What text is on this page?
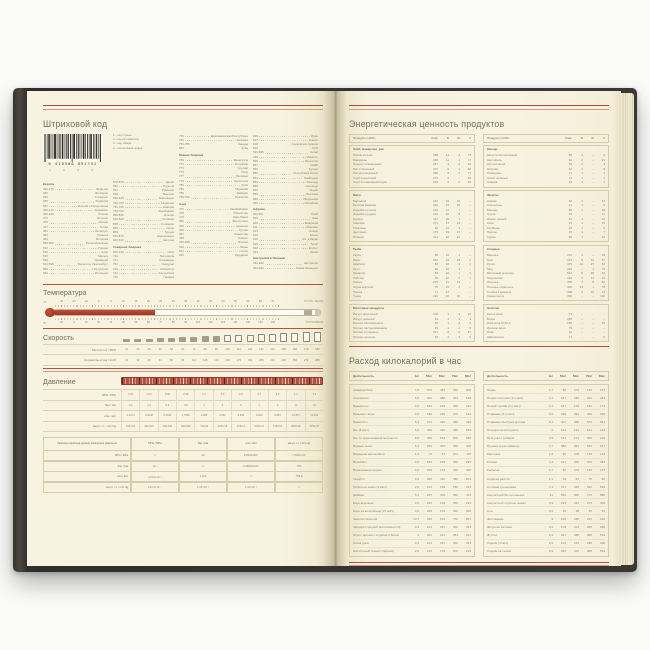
Штриховой код
6 410500 891752
1	2	3	4
Европа
300-379	Франция
380	Болгария
383	Словения
385	Хорватия
387	Босния и Герцеговина
400-440	Германия
460-469	Россия
474	Эстония
475	Латвия
477	Литва
481	Беларусь
482	Украина
484	Молдова
500-509	Великобритания
520	Греция
529	Кипр
535	Мальта
539	Ирландия
540-549	Бельгия и Люксембург
560	Португалия
569	Исландия
1 – код страны
2 – код изготовителя
3 – код товара
4 – контрольная цифра
570-579	Дания
590	Польша
594	Румыния
599	Венгрия
640-649	Финляндия
700-709	Норвегия
730-739	Швеция
760-769	Швейцария
800-839	Италия
840-849	Испания
858	Словакия
859	Чехия
869	Турция
870-879	Нидерланды
900-919	Австрия
Северная Америка
000-139	США
740	Гватемала
741	Сальвадор
742	Гондурас
743	Никарагуа
744	Коста-Рика
745	Панама
746	Доминиканская Республика
750	Мексика
754-755	Канада
850	Куба
Южная Америка
759	Венесуэла
770	Колумбия
773	Уругвай
775	Перу
777	Боливия
779	Аргентина
780	Чили
784	Парагвай
786	Эквадор
789-790	Бразилия
Азия
476	Азербайджан
478	Узбекистан
479	Шри-Ланка
480	Филиппины
485	Армения
486	Грузия
487	Казахстан
489	Гонконг
490-499	Япония
528	Ливан
621	Сирия
625	Иордания
626	Иран
627	Кувейт
628	Саудовская Аравия
629	ОАЭ
690-695	Китай
729	Израиль
865	Монголия
867	КНДР
869	Турция
880	Республика Корея
884	Камбоджа
885	Таиланд
888	Сингапур
890	Индия
893	Вьетнам
899	Индонезия
955	Малайзия
Африка
600-601	ЮАР
603	Гана
609	Маврикий
611	Марокко
613	Алжир
616	Кения
618	Кот-д'Ивуар
619	Тунис
622	Египет
624	Ливия
Австралия и Океания
930-939	Австралия
940-949	Новая Зеландия
Температура
°C	-30	-20	-10	0	5	10	15	20	25	30	35	40	45	50	55	60	65	70	t°C=(t°F−32)×5/9
°F	-22	-4	14	32	41	50	59	68	77	86	95	104	113	122	131	140	149	158	t°F=t°C×9/5+32
Скорость
Мили в час / MPH	10	20	30	40	50	60	70	80	90	100	110	120	130	140	150	160	170	180
Километры в час / km/h	16	32	48	64	80	96	112	128	144	160	176	192	208	224	240	256	272	288
Давление
МПа / MPa	0,02	0,04	0,06	0,08	0,1	0,3	0,5	0,7	0,9	1,1	1,3
бар / bar	0,2	0,4	0,6	0,8	1	3	5	7	9	11	13
атм / atm	0,1974	0,3948	0,5922	0,7896	0,987	2,961	4,935	6,909	8,883	10,857	12,831
мм рт. ст. / mm Hg	150,012	300,024	450,036	600,048	750,06	2250,18	3750,3	5250,42	6750,54	8250,66	9750,78
Таблица перевода единиц измерения давления	МПа / MPa	бар / bar	атм / atm	мм рт. ст. / mm Hg
МПа / MPa	1	10	9,86923267	7,5006×10³
бар / bar	10⁻¹	1	0,986923267	750
атм / atm	1,013×10⁻¹	1,013	1	759,9
мм рт. ст. / mm Hg	133,3×10⁻⁶	1,33×10⁻³	1,32×10⁻³	1
Энергетическая ценность продуктов
Продукты (100г)	Ккал	Б	Ж	У
Хлеб, макароны, рис
Лапша яичная	368	13	2	79
Макароны	336	11	1	77
Пицца с помидорами	247	4	4	32
Рис очищенный	270	6	1	80
Рис неочищенный	360	8	2	77
Хлеб пшеничный	279	9	–	65
Хлеб из смешанной муки	229	9	2	48
Мясо
Баранина	216	19	15	–
Ветчина варёная	432	21	36	–
Индейка (голень)	146	21	7	–
Индейка (грудка)	134	22	5	–
Курица	167	25	7	–
Свинина	274	17	23	–
Телятина	92	21	1	–
Цыплёнок	175	19	11	–
Ягнёнок	211	19	15	–
Рыба
Акула	80	16	1	–
Икра	252	19	19	2
Камбала	83	16	2	1
Карп	96	16	4	–
Креветки	84	16	1	1
Лобстер	86	16	2	1
Лосось	203	21	13	–
Окунь морской	75	15	2	–
Треска	71	17	–	–
Тунец	226	22	16	–
Молочные продукты
Йогурт фруктовый	100	3	3	19
Йогурт цельный	64	4	4	4
Молоко обезжиренное	49	4	2	5
Молоко пастеризованное	49	4	2	5
Молоко сгущённое	321	8	9	57
Молоко цельное	63	3	3	5
Продукты (100г)	Ккал	Б	Ж	У
Овощи
Капуста белокочанная	28	2	–	5
Картофель	90	2	–	21
Лук репчатый	15	2	–	3
Морковь	22	1	–	5
Помидоры	17	1	–	4
Салат зелёный	13	1	–	2
Спаржа	22	3	–	2
Фрукты
Ананас	46	1	–	12
Апельсины	41	1	–	9
Бананы	80	1	–	19
Груша	45	–	–	11
Инжир свежий	62	1	–	16
Киви	61	1	–	15
Клубника	29	1	–	6
Персик	30	1	–	7
Хурма	56	1	–	14
Сладкое
Варенье	222	1	–	59
Кекс	324	6	10	57
Кулич	479	11	27	52
Мёд	294	–	1	76
Молочный шоколад	564	9	38	51
Мороженое	240	5	14	26
Печенье	405	7	8	82
Печенье сливочное	406	13	1	78
Слойка с джемом	408	5	19	41
Сахар-песок	392	–	–	100
Напитки
Белое вино	71	–	–	–
Водка	248	–	–	–
Кока-кола (0,33 л)	139	–	–	35
Красное вино	75	–	–	–
Пиво	42	–	–	–
Шампанское	71	–	–	5
Расход килокалорий в час
Деятельность	1кг	50кг	60кг	70кг	80кг
Аквааэробика	7,6	379	454	530	606
Альпинизм	6,5	324	388	453	518
Бадминтон	3,6	182	219	255	291
Бальные танцы	3,9	196	236	275	314
Баскетбол	5,4	271	326	380	434
Бег (8 км/ч)	6,9	346	416	485	554
Бег по пересечённой местности	8,6	429	514	600	686
Водные лыжи	5,1	254	304	355	406
Вождение автомобиля	1,4	72	87	101	115
Волейбол	3,6	182	219	255	291
Вскапывание грядок	4,6	229	274	320	366
Гандбол	6,9	346	416	485	554
Гребля на каноэ (4 км/ч)	2,6	132	159	185	211
Дайвинг	5,1	257	309	360	411
Езда верховая	3,6	182	219	255	291
Езда на велосипеде (15 км/ч)	4,6	229	274	320	366
Занятия балетом	10,7	536	643	750	857
Зарядка (средней интенсивности)	4,3	214	257	300	343
Игра с детьми с ходьбой и бегом	4	201	241	281	321
Колка дров	4,3	214	257	300	343
Настольный теннис (парный)	2,9	146	176	205	234
Деятельность	1кг	50кг	60кг	70кг	80кг
Пение	1,7	86	103	120	137
Пешая прогулка (3,2 км/ч)	3,1	157	189	220	251
Пеший туризм (3,2 км/ч)	2,1	107	129	150	171
Плавание (2,4 км/ч)	6,6	329	394	460	526
Плавание быстрым кролем	8,1	407	488	570	651
Поездка на мотоцикле	2	101	121	141	161
Прогулки с собакой	2,9	143	171	200	229
Прыжки через скакалку	7,7	386	463	540	617
Растяжка	1,8	90	108	126	144
Ролики	4,4	221	266	310	354
Рыбалка	1,7	86	103	120	137
Сидячая работа	1,1	54	64	75	86
Силовая тренировка	7,4	371	446	520	594
Скоростной бег на коньках	11	550	660	770	880
Скоростной спуск на лыжах	3,9	193	231	270	309
Сон	0,6	32	38	45	51
Фехтование	3	150	180	210	240
Фигурное катание	3,6	179	214	250	286
Футбол	6,4	321	386	450	514
Ходьба (4 км/ч)	2,6	129	154	180	206
Ходьба на лыжах	6,9	346	416	485	554
